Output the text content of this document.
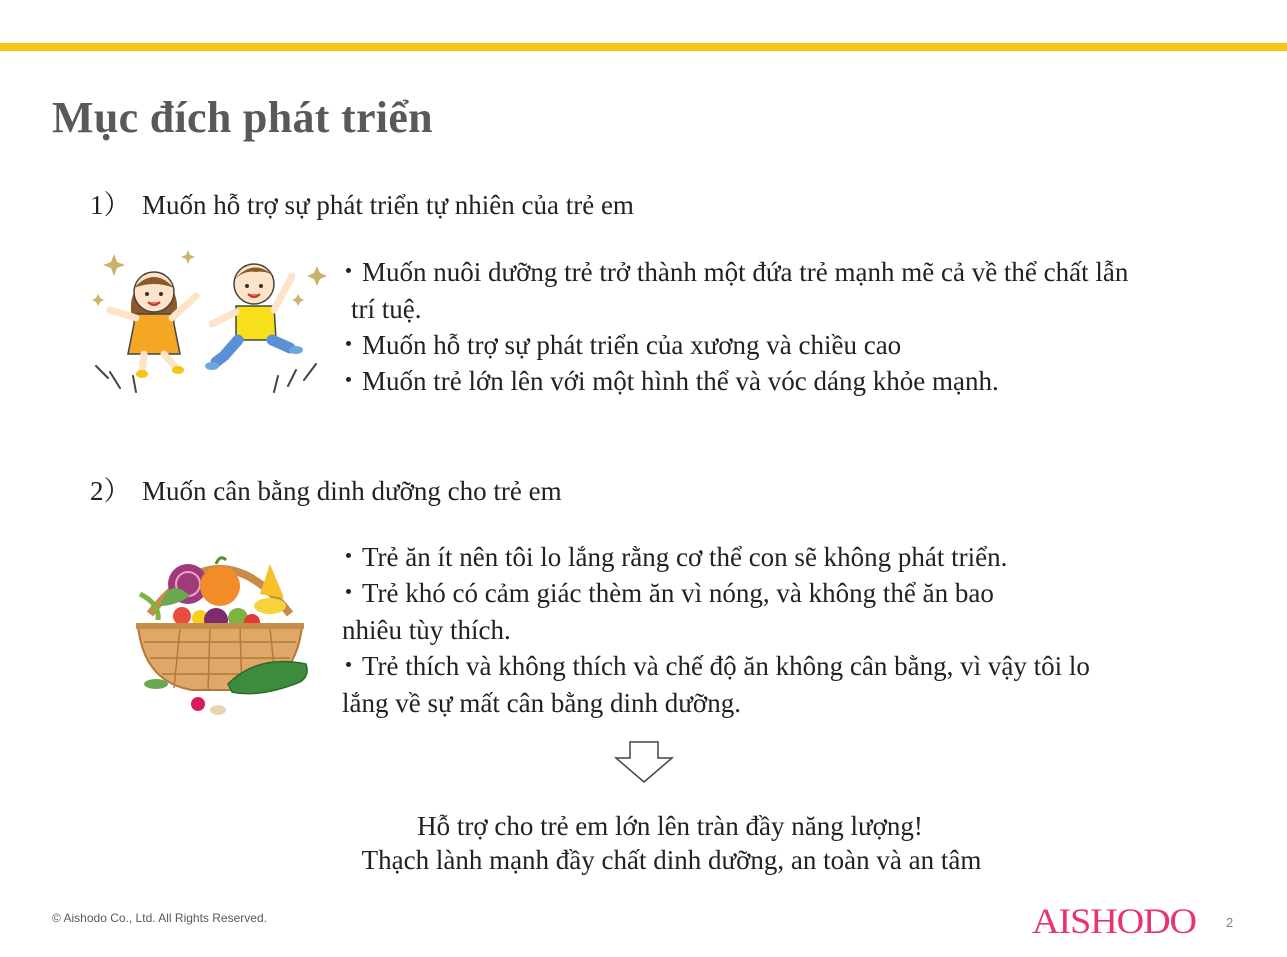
Mục đích phát triển
1） Muốn hỗ trợ sự phát triển tự nhiên của trẻ em
・Muốn nuôi dưỡng trẻ trở thành một đứa trẻ mạnh mẽ cả về thể chất lẫn
trí tuệ.
・Muốn hỗ trợ sự phát triển của xương và chiều cao
・Muốn trẻ lớn lên với một hình thể và vóc dáng khỏe mạnh.
2） Muốn cân bằng dinh dưỡng cho trẻ em
・Trẻ ăn ít nên tôi lo lắng rằng cơ thể con sẽ không phát triển.
・Trẻ khó có cảm giác thèm ăn vì nóng, và không thể ăn bao
nhiêu tùy thích.
・Trẻ thích và không thích và chế độ ăn không cân bằng, vì vậy tôi lo
lắng về sự mất cân bằng dinh dưỡng.
Hỗ trợ cho trẻ em lớn lên tràn đầy năng lượng!
Thạch lành mạnh đầy chất dinh dưỡng, an toàn và an tâm
© Aishodo Co., Ltd. All Rights Reserved.	AISHODO 2
